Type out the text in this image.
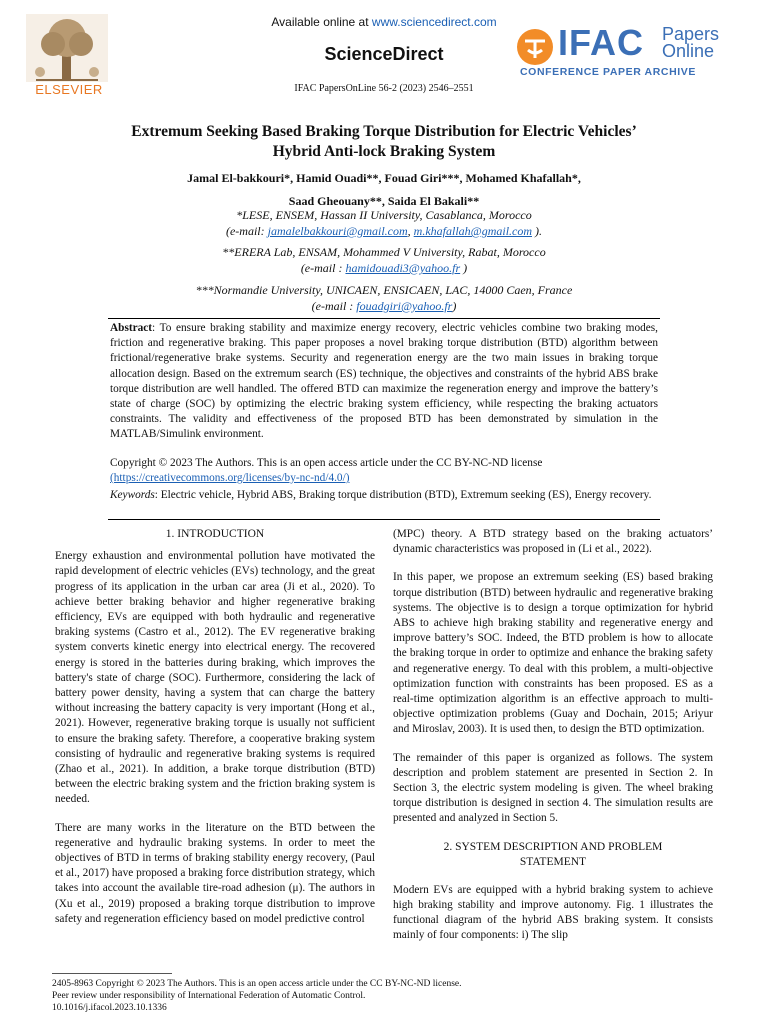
ELSEVIER
Available online at www.sciencedirect.com
ScienceDirect
IFAC PapersOnLine 56-2 (2023) 2546–2551
IFAC Papers
Online
CONFERENCE PAPER ARCHIVE
Extremum Seeking Based Braking Torque Distribution for Electric Vehicles’
Hybrid Anti-lock Braking System
Jamal El-bakkouri*, Hamid Ouadi**, Fouad Giri***, Mohamed Khafallah*,
Saad Gheouany**, Saida El Bakali**
*LESE, ENSEM, Hassan II University, Casablanca, Morocco
(e-mail: jamalelbakkouri@gmail.com, m.khafallah@gmail.com ).
**ERERA Lab, ENSAM, Mohammed V University, Rabat, Morocco
(e-mail : hamidouadi3@yahoo.fr )
***Normandie University, UNICAEN, ENSICAEN, LAC, 14000 Caen, France
(e-mail : fouadgiri@yahoo.fr)
Abstract: To ensure braking stability and maximize energy recovery, electric vehicles combine two braking modes, friction and regenerative braking. This paper proposes a novel braking torque distribution (BTD) algorithm between frictional/regenerative brake systems. Security and regeneration energy are the two main issues in braking torque allocation design. Based on the extremum search (ES) technique, the objectives and constraints of the hybrid ABS brake torque distribution are well handled. The offered BTD can maximize the regeneration energy and improve the battery’s state of charge (SOC) by optimizing the electric braking system efficiency, while respecting the braking actuators constraints. The validity and effectiveness of the proposed BTD has been demonstrated by simulation in the MATLAB/Simulink environment.
Copyright © 2023 The Authors. This is an open access article under the CC BY-NC-ND license
(https://creativecommons.org/licenses/by-nc-nd/4.0/)
Keywords: Electric vehicle, Hybrid ABS, Braking torque distribution (BTD), Extremum seeking (ES), Energy recovery.
1. INTRODUCTION

Energy exhaustion and environmental pollution have motivated the rapid development of electric vehicles (EVs) technology, and the great progress of its application in the urban car area (Ji et al., 2020). To achieve better braking behavior and higher regenerative braking efficiency, EVs are equipped with both hydraulic and regenerative braking systems (Castro et al., 2012). The EV regenerative braking system converts kinetic energy into electrical energy. The recovered energy is stored in the batteries during braking, which improves the battery's state of charge (SOC). Furthermore, considering the lack of battery power density, having a system that can charge the battery without increasing the battery capacity is very important (Hong et al., 2021). However, regenerative braking torque is usually not sufficient to ensure the braking safety. Therefore, a cooperative braking system consisting of hydraulic and regenerative braking systems is required (Zhao et al., 2021). In addition, a brake torque distribution (BTD) between the electric braking system and the friction braking system is needed.

There are many works in the literature on the BTD between the regenerative and hydraulic braking systems. In order to meet the objectives of BTD in terms of braking stability energy recovery, (Paul et al., 2017) have proposed a braking force distribution strategy, which takes into account the available tire-road adhesion (μ). The authors in (Xu et al., 2019) proposed a braking torque distribution to improve safety and regeneration efficiency based on model predictive control

(MPC) theory. A BTD strategy based on the braking actuators’ dynamic characteristics was proposed in (Li et al., 2022).

In this paper, we propose an extremum seeking (ES) based braking torque distribution (BTD) between hydraulic and regenerative braking systems. The objective is to design a torque optimization for hybrid ABS to achieve high braking stability and regenerative energy and improve battery’s SOC. Indeed, the BTD problem is how to allocate the braking torque in order to optimize and enhance the braking safety and regenerative energy. To deal with this problem, a multi-objective optimization function with constraints has been proposed. ES as a real-time optimization algorithm is an effective approach to multi-objective optimization problems (Guay and Dochain, 2015; Ariyur and Miroslav, 2003). It is used then, to design the BTD optimization.

The remainder of this paper is organized as follows. The system description and problem statement are presented in Section 2. In Section 3, the electric system modeling is given. The wheel braking torque distribution is designed in section 4. The simulation results are presented and analyzed in Section 5.

2. SYSTEM DESCRIPTION AND PROBLEM
STATEMENT

Modern EVs are equipped with a hybrid braking system to achieve high braking stability and improve autonomy. Fig. 1 illustrates the functional diagram of the hybrid ABS braking system. It consists mainly of four components: i) The slip

2405-8963 Copyright © 2023 The Authors. This is an open access article under the CC BY-NC-ND license.
Peer review under responsibility of International Federation of Automatic Control.
10.1016/j.ifacol.2023.10.1336
